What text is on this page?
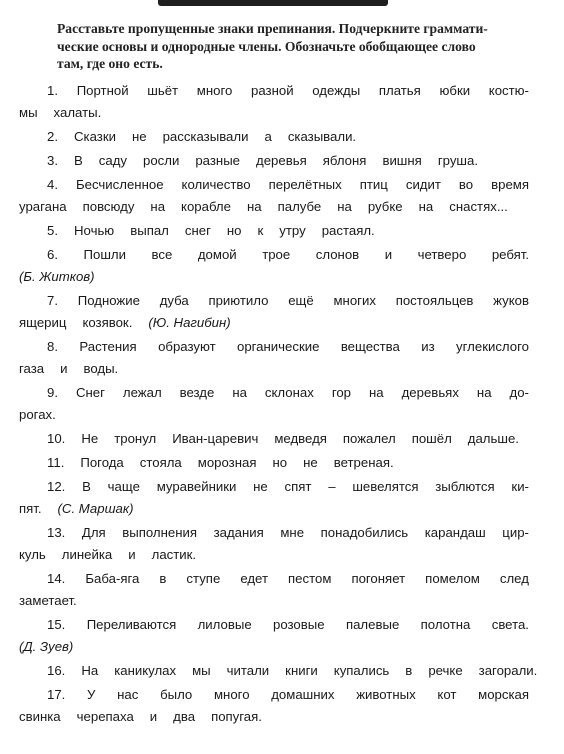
Расставьте пропущенные знаки препинания. Подчеркните граммати-
ческие основы и однородные члены. Обозначьте обобщающее слово
там, где оно есть.
1. Портной шьёт много разной одежды платья юбки костю-
мы халаты.
2. Сказки не рассказывали а сказывали.
3. В саду росли разные деревья яблоня вишня груша.
4. Бесчисленное количество перелётных птиц сидит во время
урагана повсюду на корабле на палубе на рубке на снастях...
5. Ночью выпал снег но к утру растаял.
6. Пошли все домой трое слонов и четверо ребят.
(Б. Житков)
7. Подножие дуба приютило ещё многих постояльцев жуков
ящериц козявок. (Ю. Нагибин)
8. Растения образуют органические вещества из углекислого
газа и воды.
9. Снег лежал везде на склонах гор на деревьях на до-
рогах.
10. Не тронул Иван-царевич медведя пожалел пошёл дальше.
11. Погода стояла морозная но не ветреная.
12. В чаще муравейники не спят – шевелятся зыблются ки-
пят. (С. Маршак)
13. Для выполнения задания мне понадобились карандаш цир-
куль линейка и ластик.
14. Баба-яга в ступе едет пестом погоняет помелом след
заметает.
15. Переливаются лиловые розовые палевые полотна света.
(Д. Зуев)
16. На каникулах мы читали книги купались в речке загорали.
17. У нас было много домашних животных кот морская
свинка черепаха и два попугая.
